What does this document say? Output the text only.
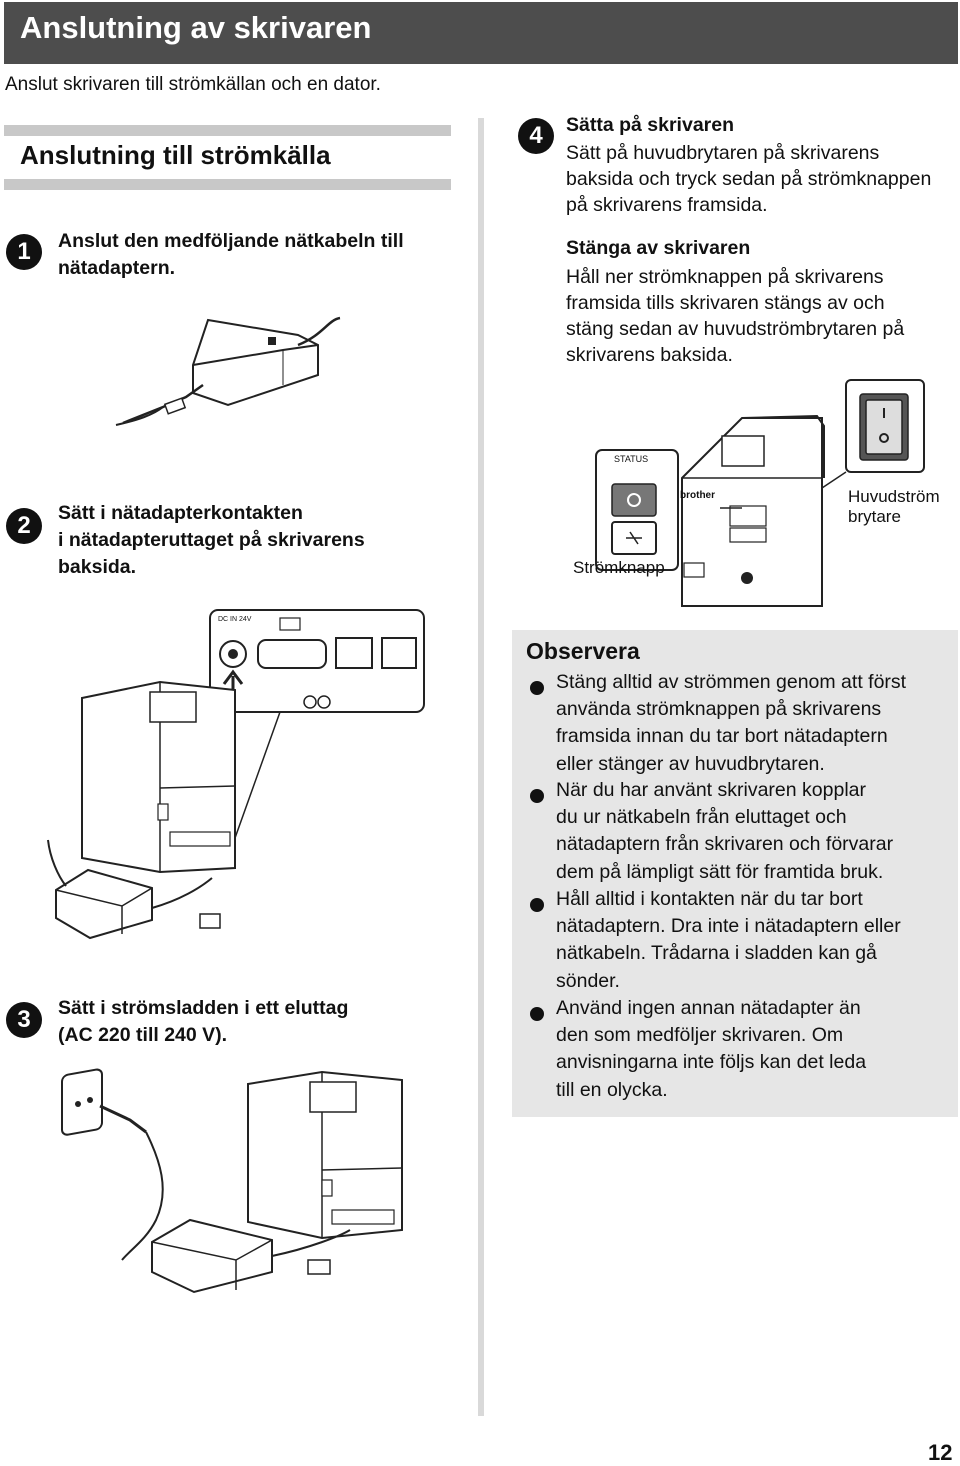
Anslutning av skrivaren
Anslut skrivaren till strömkällan och en dator.
Anslutning till strömkälla
1	Anslut den medföljande nätkabeln till
nätadaptern.
4	Sätta på skrivaren
Sätt på huvudbrytaren på skrivarens
baksida och tryck sedan på strömknappen
på skrivarens framsida.
Stänga av skrivaren
Håll ner strömknappen på skrivarens
framsida tills skrivaren stängs av och
stäng sedan av huvudströmbrytaren på
skrivarens baksida.
STATUS
brother
Strömknapp
Huvudström
brytare
2	Sätt i nätadapterkontakten
i nätadapteruttaget på skrivarens
baksida.
DC IN 24V
3	Sätt i strömsladden i ett eluttag
(AC 220 till 240 V).
Observera
Stäng alltid av strömmen genom att först
använda strömknappen på skrivarens
framsida innan du tar bort nätadaptern
eller stänger av huvudbrytaren.
När du har använt skrivaren kopplar
du ur nätkabeln från eluttaget och
nätadaptern från skrivaren och förvarar
dem på lämpligt sätt för framtida bruk.
Håll alltid i kontakten när du tar bort
nätadaptern. Dra inte i nätadaptern eller
nätkabeln. Trådarna i sladden kan gå
sönder.
Använd ingen annan nätadapter än
den som medföljer skrivaren. Om
anvisningarna inte följs kan det leda
till en olycka.
12
